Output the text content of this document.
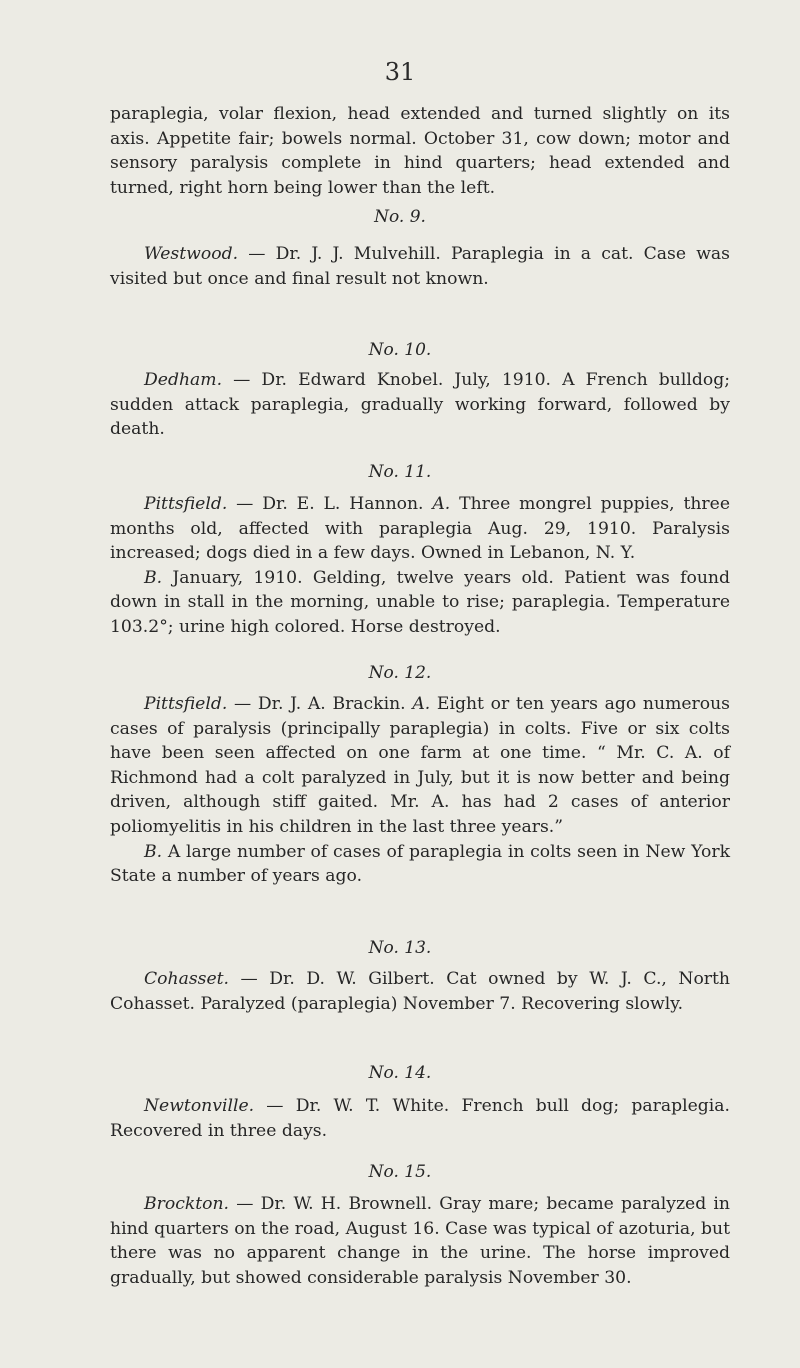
31

paraplegia, volar flexion, head extended and turned slightly on its axis. Appetite fair; bowels normal. October 31, cow down; motor and sensory paralysis complete in hind quarters; head extended and turned, right horn being lower than the left.

No. 9.

Westwood. — Dr. J. J. Mulvehill. Paraplegia in a cat. Case was visited but once and final result not known.

No. 10.

Dedham. — Dr. Edward Knobel. July, 1910. A French bulldog; sudden attack paraplegia, gradually working forward, followed by death.

No. 11.

Pittsfield. — Dr. E. L. Hannon. A. Three mongrel puppies, three months old, affected with paraplegia Aug. 29, 1910. Paralysis increased; dogs died in a few days. Owned in Lebanon, N. Y.

B. January, 1910. Gelding, twelve years old. Patient was found down in stall in the morning, unable to rise; paraplegia. Temperature 103.2°; urine high colored. Horse destroyed.

No. 12.

Pittsfield. — Dr. J. A. Brackin. A. Eight or ten years ago numerous cases of paralysis (principally paraplegia) in colts. Five or six colts have been seen affected on one farm at one time. “ Mr. C. A. of Richmond had a colt paralyzed in July, but it is now better and being driven, although stiff gaited. Mr. A. has had 2 cases of anterior poliomyelitis in his children in the last three years.”

B. A large number of cases of paraplegia in colts seen in New York State a number of years ago.

No. 13.

Cohasset. — Dr. D. W. Gilbert. Cat owned by W. J. C., North Cohasset. Paralyzed (paraplegia) November 7. Recovering slowly.

No. 14.

Newtonville. — Dr. W. T. White. French bull dog; paraplegia. Recovered in three days.

No. 15.

Brockton. — Dr. W. H. Brownell. Gray mare; became paralyzed in hind quarters on the road, August 16. Case was typical of azoturia, but there was no apparent change in the urine. The horse improved gradually, but showed considerable paralysis November 30.
